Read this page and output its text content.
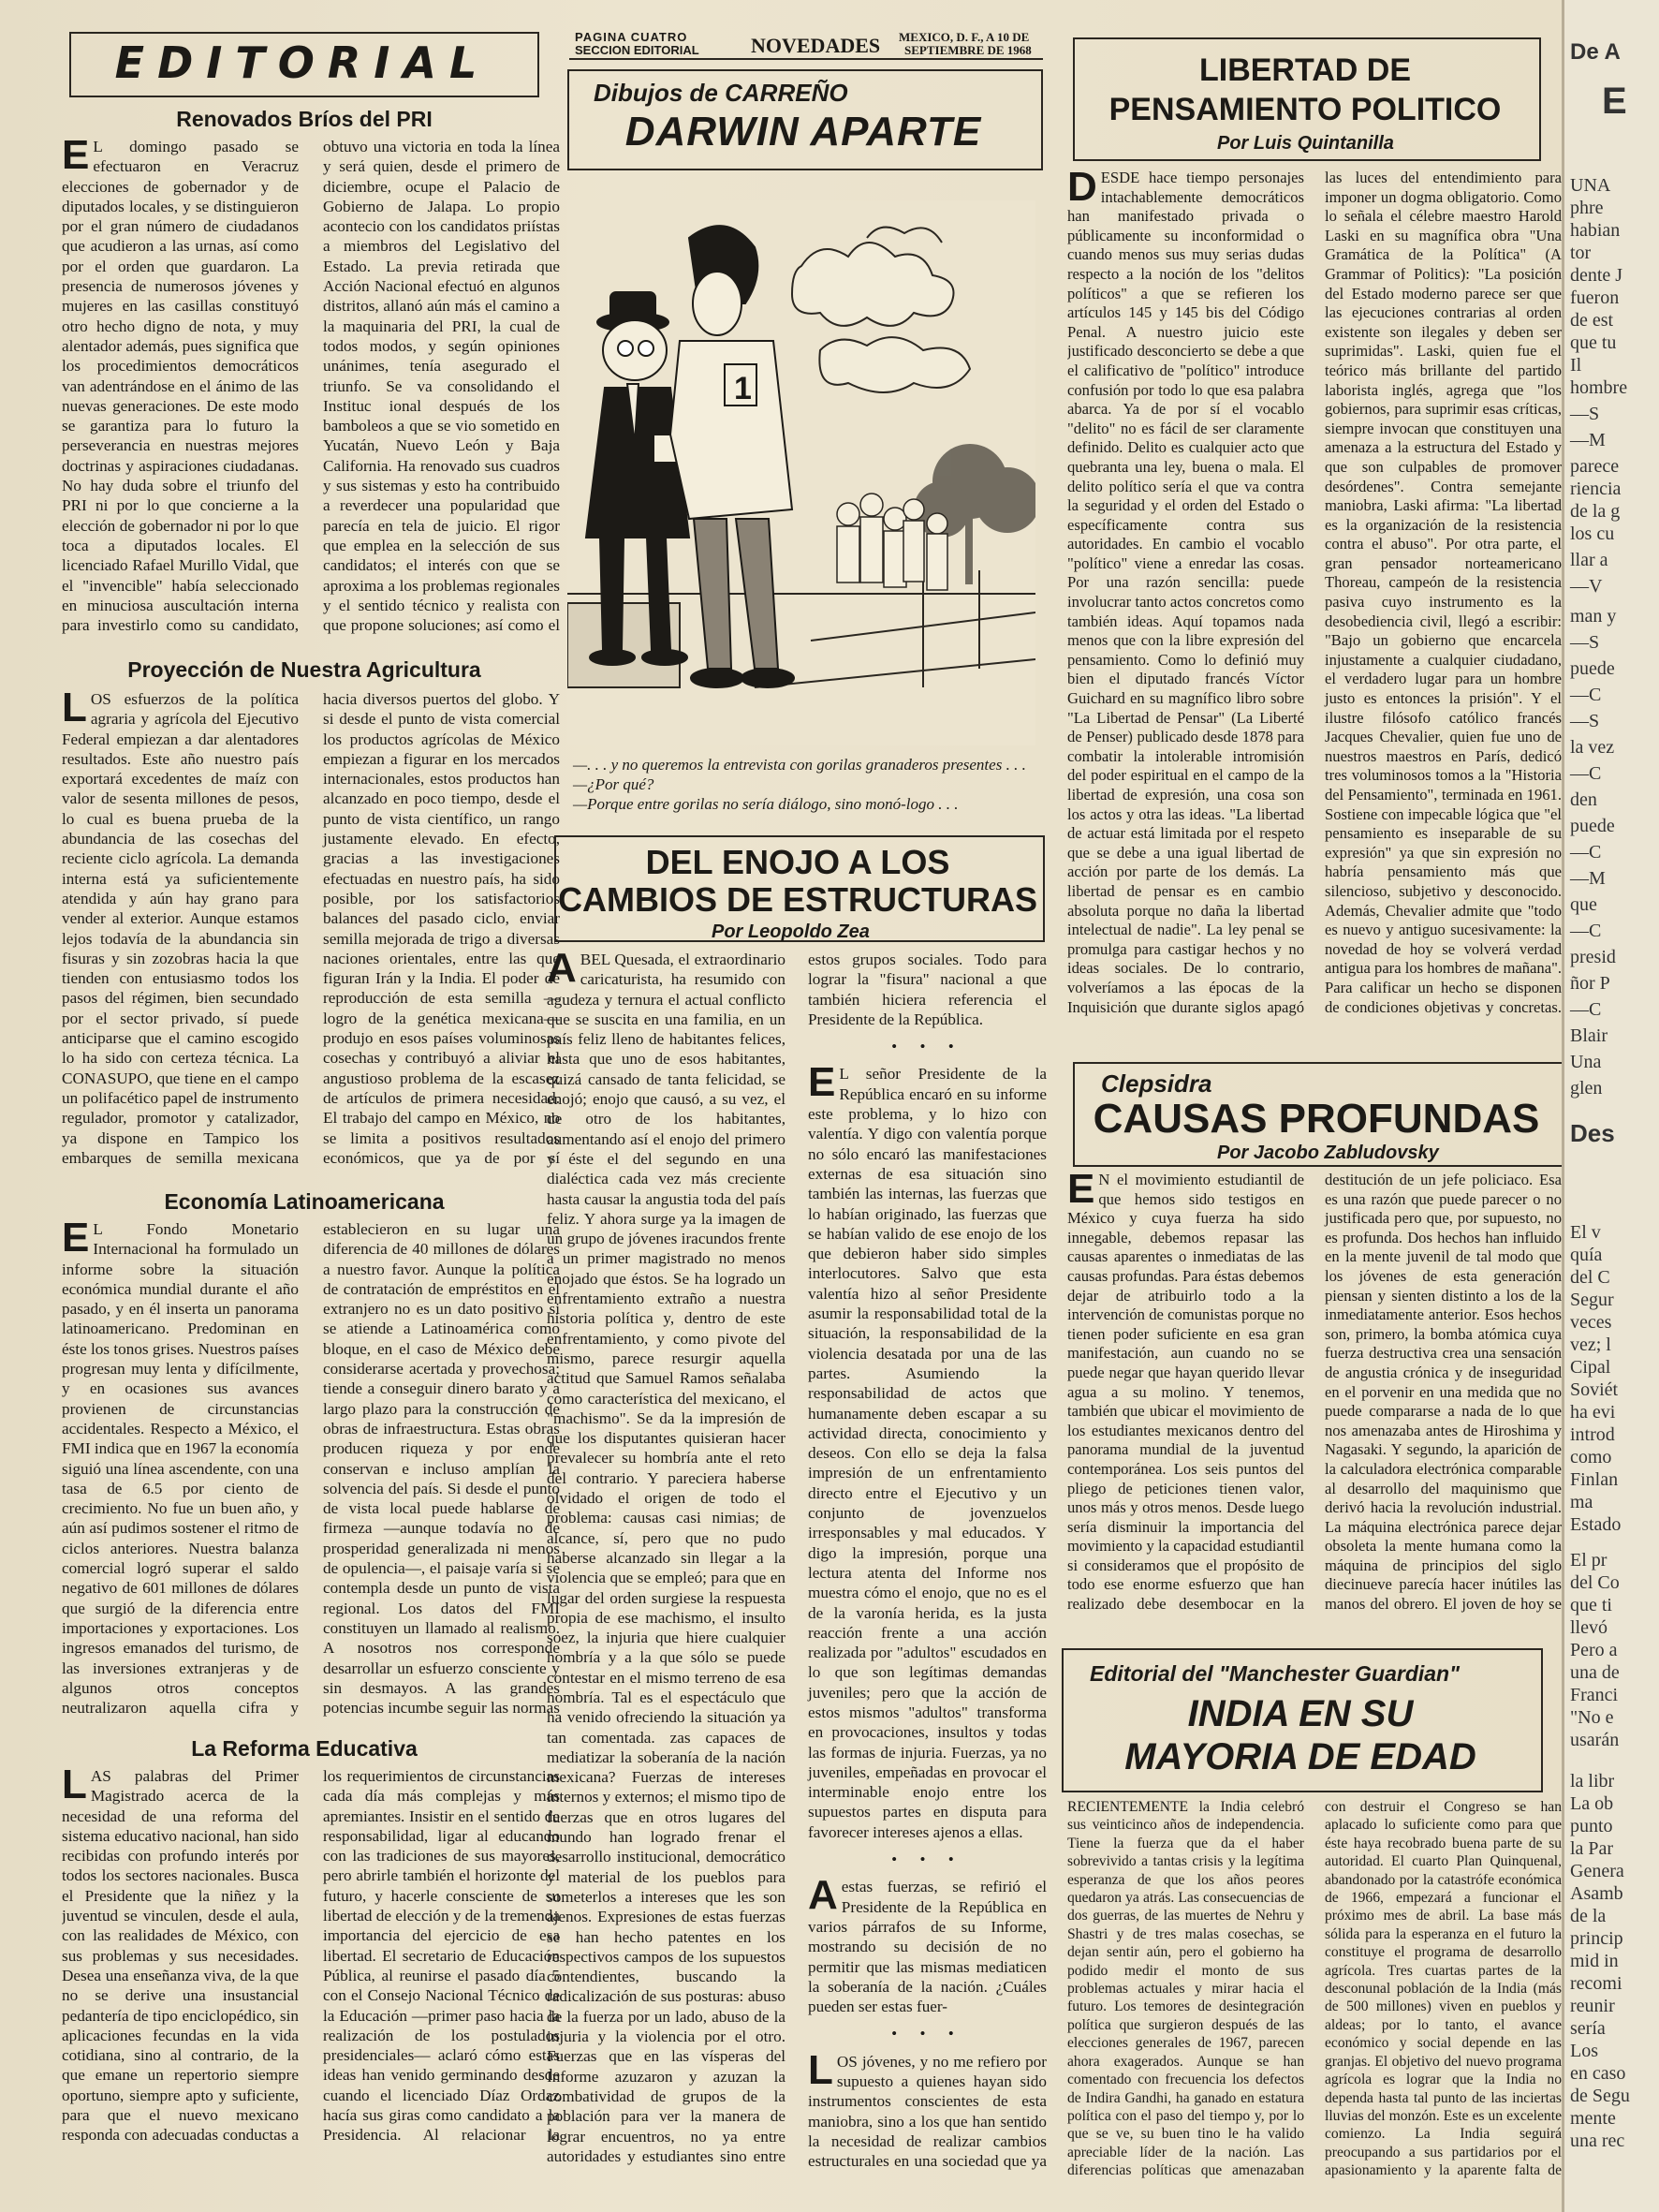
EDITORIAL
Renovados Bríos del PRI

E L domingo pasado se efectuaron en Veracruz elecciones de gobernador y de diputados locales, y se distinguieron por el gran número de ciudadanos que acudieron a las urnas, así como por el orden que guardaron. La presencia de numerosos jóvenes y mujeres en las casillas constituyó otro hecho digno de nota, y muy alentador además, pues significa que los procedimientos democráticos van adentrándose en el ánimo de las nuevas generaciones. De este modo se garantiza para lo futuro la perseverancia en nuestras mejores doctrinas y aspiraciones ciudadanas. No hay duda sobre el triunfo del PRI ni por lo que concierne a la elección de gobernador ni por lo que toca a diputados locales. El licenciado Rafael Murillo Vidal, que el "invencible" había seleccionado en minuciosa auscultación interna para investirlo como su candidato, obtuvo una victoria en toda la línea y será quien, desde el primero de diciembre, ocupe el Palacio de Gobierno de Jalapa. Lo propio acontecio con los candidatos priístas a miembros del Legislativo del Estado. La previa retirada que Acción Nacional efectuó en algunos distritos, allanó aún más el camino a la maquinaria del PRI, la cual de todos modos, y según opiniones unánimes, tenía asegurado el triunfo. Se va consolidando el Instituc ional después de los bamboleos a que se vio sometido en Yucatán, Nuevo León y Baja California. Ha renovado sus cuadros y sus sistemas y esto ha contribuido a reverdecer una popularidad que parecía en tela de juicio. El rigor que emplea en la selección de sus candidatos; el interés con que se aproxima a los problemas regionales y el sentido técnico y realista con que propone soluciones; así como el

Proyección de Nuestra Agricultura

LOS esfuerzos de la política agraria y agrícola del Ejecutivo Federal empiezan a dar alentadores resultados. Este año nuestro país exportará excedentes de maíz con valor de sesenta millones de pesos, lo cual es buena prueba de la abundancia de las cosechas del reciente ciclo agrícola. La demanda interna está ya suficientemente atendida y aún hay grano para vender al exterior. Aunque estamos lejos todavía de la abundancia sin fisuras y sin zozobras hacia la que tienden con entusiasmo todos los pasos del régimen, bien secundado por el sector privado, sí puede anticiparse que el camino escogido lo ha sido con certeza técnica. La CONASUPO, que tiene en el campo un polifacético papel de instrumento regulador, promotor y catalizador, ya dispone en Tampico los embarques de semilla mexicana hacia diversos puertos del globo. Y si desde el punto de vista comercial los productos agrícolas de México empiezan a figurar en los mercados internacionales, estos productos han alcanzado en poco tiempo, desde el punto de vista científico, un rango justamente elevado. En efecto, gracias a las investigaciones efectuadas en nuestro país, ha sido posible, por los satisfactorios balances del pasado ciclo, enviar semilla mejorada de trigo a diversas naciones orientales, entre las que figuran Irán y la India. El poder de reproducción de esta semilla —logro de la genética mexicana— produjo en esos países voluminosas cosechas y contribuyó a aliviar el angustioso problema de la escasez de artículos de primera necesidad. El trabajo del campo en México, no se limita a positivos resultados económicos, que ya de por sí

Economía Latinoamericana

E L Fondo Monetario Internacional ha formulado un informe sobre la situación económica mundial durante el año pasado, y en él inserta un panorama latinoamericano. Predominan en éste los tonos grises. Nuestros países progresan muy lenta y difícilmente, y en ocasiones sus avances provienen de circunstancias accidentales. Respecto a México, el FMI indica que en 1967 la economía siguió una línea ascendente, con una tasa de 6.5 por ciento de crecimiento. No fue un buen año, y aún así pudimos sostener el ritmo de ciclos anteriores. Nuestra balanza comercial logró superar el saldo negativo de 601 millones de dólares que surgió de la diferencia entre importaciones y exportaciones. Los ingresos emanados del turismo, de las inversiones extranjeras y de algunos otros conceptos neutralizaron aquella cifra y establecieron en su lugar una diferencia de 40 millones de dólares a nuestro favor. Aunque la política de contratación de empréstitos en el extranjero no es un dato positivo si se atiende a Latinoamérica como bloque, en el caso de México debe considerarse acertada y provechosa; tiende a conseguir dinero barato y a largo plazo para la construcción de obras de infraestructura. Estas obras producen riqueza y por ende conservan e incluso amplían la solvencia del país. Si desde el punto de vista local puede hablarse de firmeza —aunque todavía no de prosperidad generalizada ni menos de opulencia—, el paisaje varía si se contempla desde un punto de vista regional. Los datos del FMI constituyen un llamado al realismo. A nosotros nos corresponde desarrollar un esfuerzo consciente y sin desmayos. A las grandes potencias incumbe seguir las normas

La Reforma Educativa

LAS palabras del Primer Magistrado acerca de la necesidad de una reforma del sistema educativo nacional, han sido recibidas con profundo interés por todos los sectores nacionales. Busca el Presidente que la niñez y la juventud se vinculen, desde el aula, con las realidades de México, con sus problemas y sus necesidades. Desea una enseñanza viva, de la que no se derive una insustancial pedantería de tipo enciclopédico, sin aplicaciones fecundas en la vida cotidiana, sino al contrario, de la que emane un repertorio siempre oportuno, siempre apto y suficiente, para que el nuevo mexicano responda con adecuadas conductas a los requerimientos de circunstancias cada día más complejas y más apremiantes. Insistir en el sentido de responsabilidad, ligar al educando con las tradiciones de sus mayores, pero abrirle también el horizonte del futuro, y hacerle consciente de su libertad de elección y de la tremenda importancia del ejercicio de esa libertad. El secretario de Educación Pública, al reunirse el pasado día 5 con el Consejo Nacional Técnico de la Educación —primer paso hacia la realización de los postulados presidenciales— aclaró cómo estas ideas han venido germinando desde cuando el licenciado Díaz Ordaz hacía sus giras como candidato a la Presidencia. Al relacionar la

PAGINA CUATRO
SECCION EDITORIAL	NOVEDADES MEXICO, D. F., A 10 DE
SEPTIEMBRE DE 1968
Dibujos de CARREÑO
DARWIN APARTE
1
—. . . y no queremos la entrevista con gorilas granaderos presentes . . .
—¿Por qué?
—Porque entre gorilas no sería diálogo, sino monó-logo . . .
DEL ENOJO A LOS
CAMBIOS DE ESTRUCTURAS
Por Leopoldo Zea

ABEL Quesada, el extraordinario caricaturista, ha resumido con agudeza y ternura el actual conflicto que se suscita en una familia, en un país feliz lleno de habitantes felices, hasta que uno de esos habitantes, quizá cansado de tanta felicidad, se enojó; enojo que causó, a su vez, el de otro de los habitantes, aumentando así el enojo del primero y éste el del segundo en una dialéctica cada vez más creciente hasta causar la angustia toda del país feliz. Y ahora surge ya la imagen de un grupo de jóvenes iracundos frente a un primer magistrado no menos enojado que éstos. Se ha logrado un enfrentamiento extraño a nuestra historia política y, dentro de este enfrentamiento, y como pivote del mismo, parece resurgir aquella actitud que Samuel Ramos señalaba como característica del mexicano, el "machismo". Se da la impresión de que los disputantes quisieran hacer prevalecer su hombría ante el reto del contrario. Y pareciera haberse olvidado el origen de todo el problema: causas casi nimias; de alcance, sí, pero que no pudo haberse alcanzado sin llegar a la violencia que se empleó; para que en lugar del orden surgiese la respuesta propia de ese machismo, el insulto soez, la injuria que hiere cualquier hombría y a la que sólo se puede contestar en el mismo terreno de esa hombría. Tal es el espectáculo que ha venido ofreciendo la situación ya tan comentada. zas capaces de mediatizar la soberanía de la nación mexicana? Fuerzas de intereses internos y externos; el mismo tipo de fuerzas que en otros lugares del mundo han logrado frenar el desarrollo institucional, democrático y material de los pueblos para someterlos a intereses que les son ajenos. Expresiones de estas fuerzas se han hecho patentes en los respectivos campos de los supuestos contendientes, buscando la radicalización de sus posturas: abuso de la fuerza por un lado, abuso de la injuria y la violencia por el otro. Fuerzas que en las vísperas del Informe azuzaron y azuzan la combatividad de grupos de la población para ver la manera de lograr encuentros, no ya entre autoridades y estudiantes sino entre estos grupos sociales. Todo para lograr la "fisura" nacional a que también hiciera referencia el Presidente de la República.

• • •

E L señor Presidente de la República encaró en su informe este problema, y lo hizo con valentía. Y digo con valentía porque no sólo encaró las manifestaciones externas de esa situación sino también las internas, las fuerzas que lo habían originado, las fuerzas que se habían valido de ese enojo de los que debieron haber sido simples interlocutores. Salvo que esta valentía hizo al señor Presidente asumir la responsabilidad total de la situación, la responsabilidad de la violencia desatada por una de las partes. Asumiendo la responsabilidad de actos que humanamente deben escapar a su actividad directa, conocimiento y deseos. Con ello se deja la falsa impresión de un enfrentamiento directo entre el Ejecutivo y un conjunto de jovenzuelos irresponsables y mal educados. Y digo la impresión, porque una lectura atenta del Informe nos muestra cómo el enojo, que no es el de la varonía herida, es la justa reacción frente a una acción realizada por "adultos" escudados en lo que son legítimas demandas juveniles; pero que la acción de estos mismos "adultos" transforma en provocaciones, insultos y todas las formas de injuria. Fuerzas, ya no juveniles, empeñadas en provocar el interminable enojo entre los supuestos partes en disputa para favorecer intereses ajenos a ellas.

• • •

Aestas fuerzas, se refirió el Presidente de la República en varios párrafos de su Informe, mostrando su decisión de no permitir que las mismas mediaticen la soberanía de la nación. ¿Cuáles pueden ser estas fuer-

• • •

LOS jóvenes, y no me refiero por supuesto a quienes hayan sido instrumentos conscientes de esta maniobra, sino a los que han sentido la necesidad de realizar cambios estructurales en una sociedad que ya

LIBERTAD DE
PENSAMIENTO POLITICO
Por Luis Quintanilla

DESDE hace tiempo personajes intachablemente democráticos han manifestado privada o públicamente su inconformidad o cuando menos sus muy serias dudas respecto a la noción de los "delitos políticos" a que se refieren los artículos 145 y 145 bis del Código Penal. A nuestro juicio este justificado desconcierto se debe a que el calificativo de "político" introduce confusión por todo lo que esa palabra abarca. Ya de por sí el vocablo "delito" no es fácil de ser claramente definido. Delito es cualquier acto que quebranta una ley, buena o mala. El delito político sería el que va contra la seguridad y el orden del Estado o específicamente contra sus autoridades. En cambio el vocablo "político" viene a enredar las cosas. Por una razón sencilla: puede involucrar tanto actos concretos como también ideas. Aquí topamos nada menos que con la libre expresión del pensamiento. Como lo definió muy bien el diputado francés Víctor Guichard en su magnífico libro sobre "La Libertad de Pensar" (La Liberté de Penser) publicado desde 1878 para combatir la intolerable intromisión del poder espiritual en el campo de la libertad de expresión, una cosa son los actos y otra las ideas. "La libertad de actuar está limitada por el respeto que se debe a una igual libertad de acción por parte de los demás. La libertad de pensar es en cambio absoluta porque no daña la libertad intelectual de nadie". La ley penal se promulga para castigar hechos y no ideas sociales. De lo contrario, volveríamos a las épocas de la Inquisición que durante siglos apagó las luces del entendimiento para imponer un dogma obligatorio. Como lo señala el célebre maestro Harold Laski en su magnífica obra "Una Gramática de la Política" (A Grammar of Politics): "La posición del Estado moderno parece ser que las ejecuciones contrarias al orden existente son ilegales y deben ser suprimidas". Laski, quien fue el teórico más brillante del partido laborista inglés, agrega que "los gobiernos, para suprimir esas críticas, siempre invocan que constituyen una amenaza a la estructura del Estado y que son culpables de promover desórdenes". Contra semejante maniobra, Laski afirma: "La libertad es la organización de la resistencia contra el abuso". Por otra parte, el gran pensador norteamericano Thoreau, campeón de la resistencia pasiva cuyo instrumento es la desobediencia civil, llegó a escribir: "Bajo un gobierno que encarcela injustamente a cualquier ciudadano, el verdadero lugar para un hombre justo es entonces la prisión". Y el ilustre filósofo católico francés Jacques Chevalier, quien fue uno de nuestros maestros en París, dedicó tres voluminosos tomos a la "Historia del Pensamiento", terminada en 1961. Sostiene con impecable lógica que "el pensamiento es inseparable de su expresión" ya que sin expresión no habría pensamiento más que silencioso, subjetivo y desconocido. Además, Chevalier admite que "todo es nuevo y antiguo sucesivamente: la novedad de hoy se volverá verdad antigua para los hombres de mañana". Para calificar un hecho se disponen de condiciones objetivas y concretas.

Clepsidra
CAUSAS PROFUNDAS
Por Jacobo Zabludovsky

E N el movimiento estudiantil de que hemos sido testigos en México y cuya fuerza ha sido innegable, debemos repasar las causas aparentes o inmediatas de las causas profundas. Para éstas debemos dejar de atribuirlo todo a la intervención de comunistas porque no tienen poder suficiente en esa gran manifestación, aun cuando no se puede negar que hayan querido llevar agua a su molino. Y tenemos, también que ubicar el movimiento de los estudiantes mexicanos dentro del panorama mundial de la juventud contemporánea. Los seis puntos del pliego de peticiones tienen valor, unos más y otros menos. Desde luego sería disminuir la importancia del movimiento y la capacidad estudiantil si consideramos que el propósito de todo ese enorme esfuerzo que han realizado debe desembocar en la destitución de un jefe policiaco. Esa es una razón que puede parecer o no justificada pero que, por supuesto, no es profunda. Dos hechos han influido en la mente juvenil de tal modo que los jóvenes de esta generación piensan y sienten distinto a los de la inmediatamente anterior. Esos hechos son, primero, la bomba atómica cuya fuerza destructiva crea una sensación de angustia crónica y de inseguridad en el porvenir en una medida que no puede compararse a nada de lo que nos amenazaba antes de Hiroshima y Nagasaki. Y segundo, la aparición de la calculadora electrónica comparable al desarrollo del maquinismo que derivó hacia la revolución industrial. La máquina electrónica parece dejar obsoleta la mente humana como la máquina de principios del siglo diecinueve parecía hacer inútiles las manos del obrero. El joven de hoy se

Editorial del "Manchester Guardian"
INDIA EN SU
MAYORIA DE EDAD

RECIENTEMENTE la India celebró sus veinticinco años de independencia. Tiene la fuerza que da el haber sobrevivido a tantas crisis y la legítima esperanza de que los años peores quedaron ya atrás. Las consecuencias de dos guerras, de las muertes de Nehru y Shastri y de tres malas cosechas, se dejan sentir aún, pero el gobierno ha podido medir el monto de sus problemas actuales y mirar hacia el futuro. Los temores de desintegración política que surgieron después de las elecciones generales de 1967, parecen ahora exagerados. Aunque se han comentado con frecuencia los defectos de Indira Gandhi, ha ganado en estatura política con el paso del tiempo y, por lo que se ve, su buen tino le ha valido apreciable líder de la nación. Las diferencias políticas que amenazaban con destruir el Congreso se han aplacado lo suficiente como para que éste haya recobrado buena parte de su autoridad. El cuarto Plan Quinquenal, abandonado por la catastrófe económica de 1966, empezará a funcionar el próximo mes de abril. La base más sólida para la esperanza en el futuro la constituye el programa de desarrollo agrícola. Tres cuartas partes de la desconunal población de la India (más de 500 millones) viven en pueblos y aldeas; por lo tanto, el avance económico y social depende en las granjas. El objetivo del nuevo programa agrícola es lograr que la India no dependa hasta tal punto de las inciertas lluvias del monzón. Este es un excelente comienzo. La India seguirá preocupando a sus partidarios por el apasionamiento y la aparente falta de

De A
E
UNA
phre
habian
tor
dente J
fueron
de est
que tu
Il
hombre
—S
—M
parece
riencia
de la g
los cu
llar a
—V
man y
—S
puede
—C
—S
la vez
—C
den
puede
—C
—M
que
—C
presid
ñor P
—C
Blair
Una
glen
Des
El v
quía
del C
Segur
veces
vez; l
Cipal
Soviét
ha evi
introd
como
Finlan
ma
Estado
El pr
del Co
que ti
llevó
Pero a
una de
Franci
"No e
usarán
la libr
La ob
punto
la Par
Genera
Asamb
de la
princip
mid in
recomi
reunir
sería
Los
en caso
de Segu
mente
una rec
